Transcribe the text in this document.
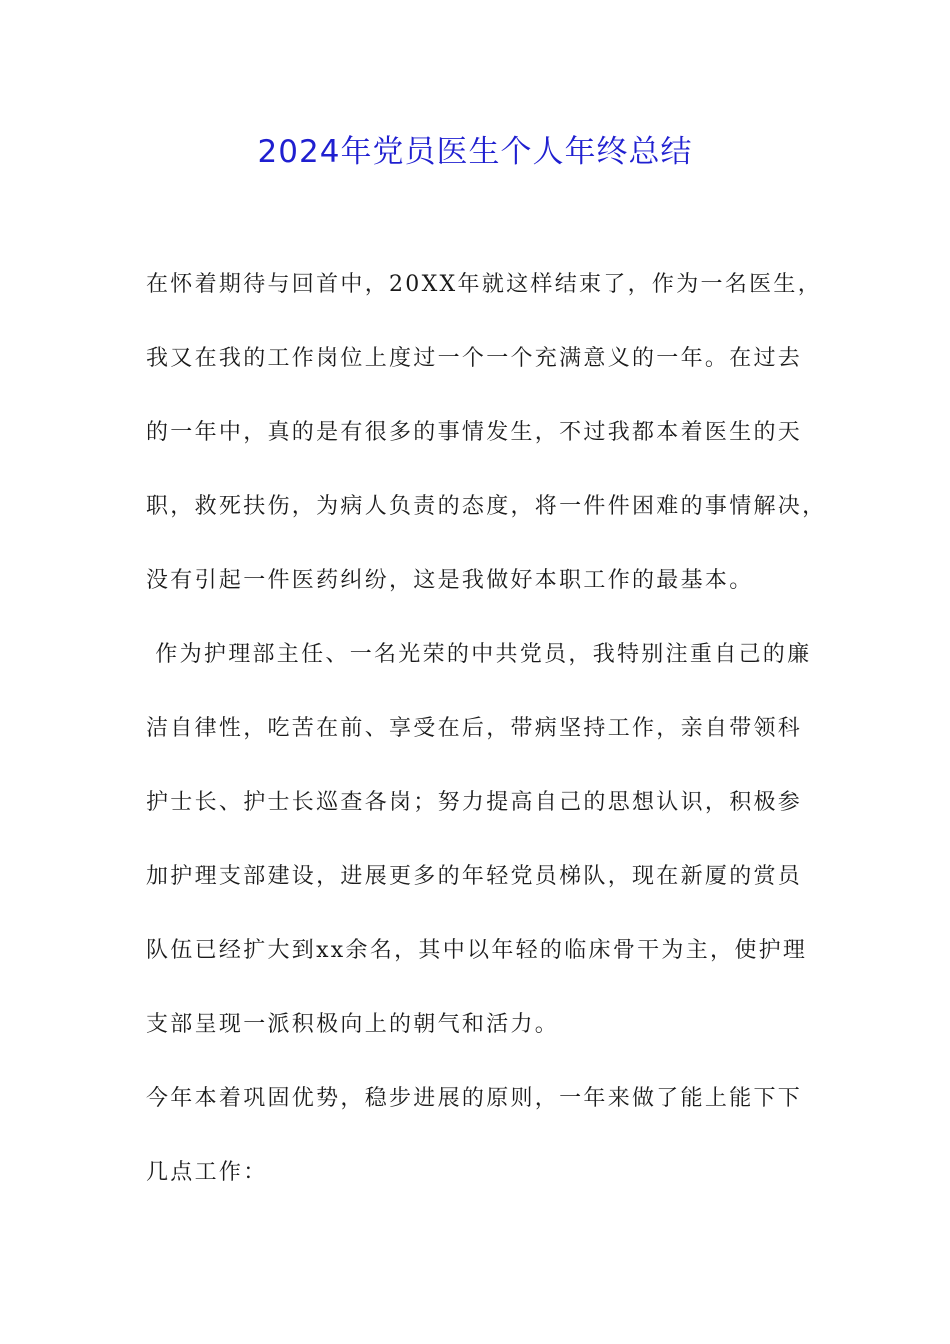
2024年党员医生个人年终总结
在怀着期待与回首中，20XX年就这样结束了，作为一名医生，
我又在我的工作岗位上度过一个一个充满意义的一年。在过去
的一年中，真的是有很多的事情发生，不过我都本着医生的天
职，救死扶伤，为病人负责的态度，将一件件困难的事情解决，
没有引起一件医药纠纷，这是我做好本职工作的最基本。
作为护理部主任、一名光荣的中共党员，我特别注重自己的廉
洁自律性，吃苦在前、享受在后，带病坚持工作，亲自带领科
护士长、护士长巡查各岗；努力提高自己的思想认识，积极参
加护理支部建设，进展更多的年轻党员梯队，现在新厦的赏员
队伍已经扩大到xx余名，其中以年轻的临床骨干为主，使护理
支部呈现一派积极向上的朝气和活力。
今年本着巩固优势，稳步进展的原则，一年来做了能上能下下
几点工作：
